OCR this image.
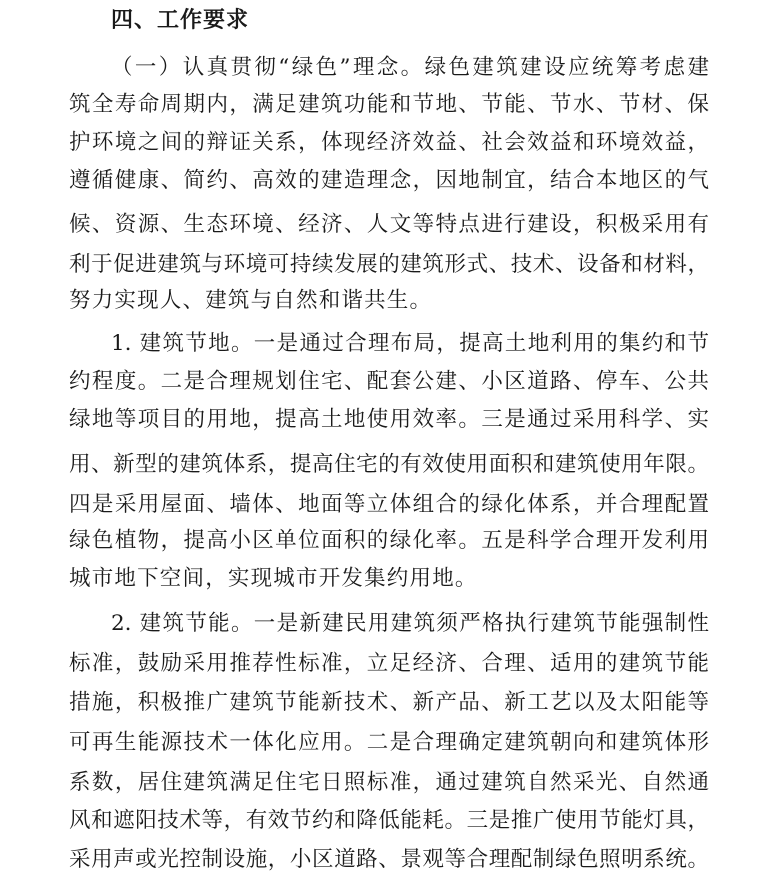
四、工作要求

（一）认真贯彻“绿色”理念。绿色建筑建设应统筹考虑建

筑全寿命周期内，满足建筑功能和节地、节能、节水、节材、保

护环境之间的辩证关系，体现经济效益、社会效益和环境效益，

遵循健康、简约、高效的建造理念，因地制宜，结合本地区的气

候、资源、生态环境、经济、人文等特点进行建设，积极采用有

利于促进建筑与环境可持续发展的建筑形式、技术、设备和材料，

努力实现人、建筑与自然和谐共生。

1. 建筑节地。一是通过合理布局，提高土地利用的集约和节

约程度。二是合理规划住宅、配套公建、小区道路、停车、公共

绿地等项目的用地，提高土地使用效率。三是通过采用科学、实

用、新型的建筑体系，提高住宅的有效使用面积和建筑使用年限。

四是采用屋面、墙体、地面等立体组合的绿化体系，并合理配置

绿色植物，提高小区单位面积的绿化率。五是科学合理开发利用

城市地下空间，实现城市开发集约用地。

2. 建筑节能。一是新建民用建筑须严格执行建筑节能强制性

标准，鼓励采用推荐性标准，立足经济、合理、适用的建筑节能

措施，积极推广建筑节能新技术、新产品、新工艺以及太阳能等

可再生能源技术一体化应用。二是合理确定建筑朝向和建筑体形

系数，居住建筑满足住宅日照标准，通过建筑自然采光、自然通

风和遮阳技术等，有效节约和降低能耗。三是推广使用节能灯具，

采用声或光控制设施，小区道路、景观等合理配制绿色照明系统。
